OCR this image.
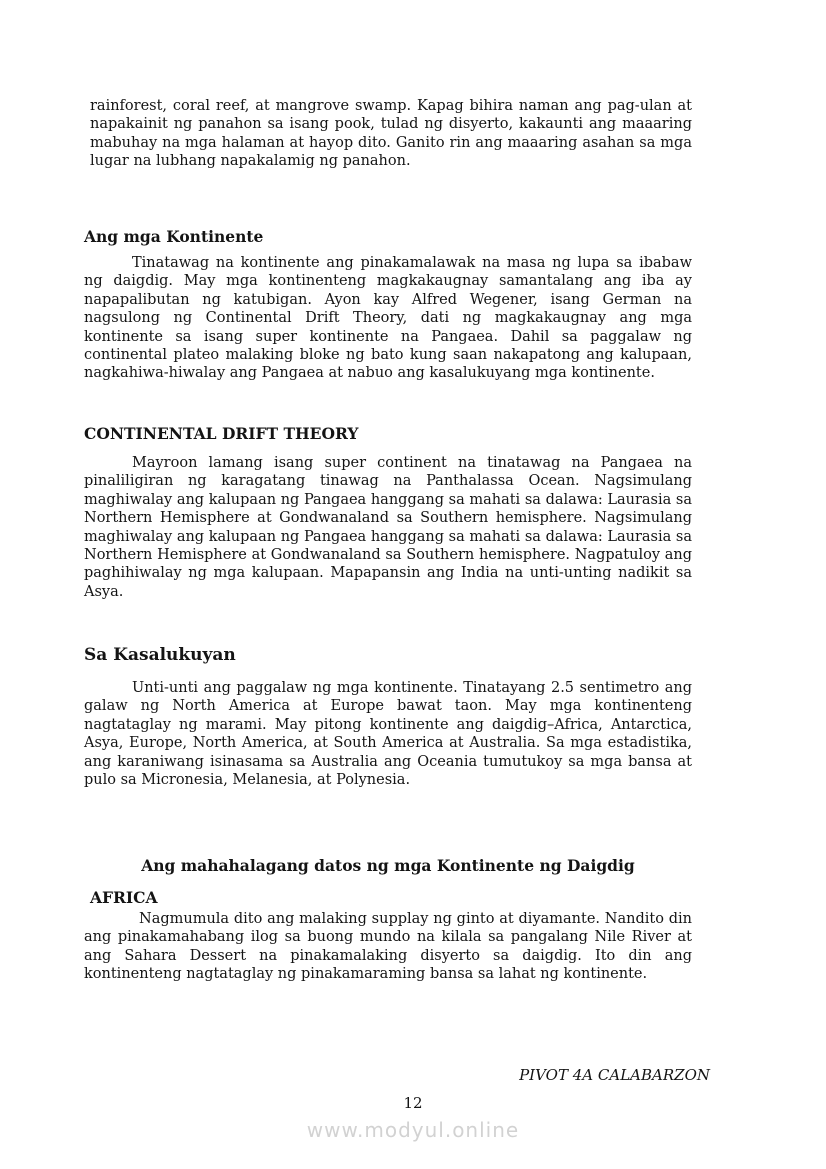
rainforest, coral reef, at mangrove swamp. Kapag bihira naman ang pag-ulan at napakainit ng panahon sa isang pook, tulad ng disyerto, kakaunti ang maaaring mabuhay na mga halaman at hayop dito. Ganito rin ang maaaring asahan sa mga lugar na lubhang napakalamig ng panahon.

Ang mga Kontinente

Tinatawag na kontinente ang pinakamalawak na masa ng lupa sa ibabaw ng daigdig. May mga kontinenteng magkakaugnay samantalang ang iba ay napapalibutan ng katubigan. Ayon kay Alfred Wegener, isang German na nagsulong ng Continental Drift Theory, dati ng magkakaugnay ang mga kontinente sa isang super kontinente na Pangaea. Dahil sa paggalaw ng continental plateo malaking bloke ng bato kung saan nakapatong ang kalupaan, nagkahiwa-hiwalay ang Pangaea at nabuo ang kasalukuyang mga kontinente.

CONTINENTAL DRIFT THEORY

Mayroon lamang isang super continent na tinatawag na Pangaea na pinaliligiran ng karagatang tinawag na Panthalassa Ocean. Nagsimulang maghiwalay ang kalupaan ng Pangaea hanggang sa mahati sa dalawa: Laurasia sa Northern Hemisphere at Gondwanaland sa Southern hemisphere. Nagsimulang maghiwalay ang kalupaan ng Pangaea hanggang sa mahati sa dalawa: Laurasia sa Northern Hemisphere at Gondwanaland sa Southern hemisphere. Nagpatuloy ang paghihiwalay ng mga kalupaan. Mapapansin ang India na unti-unting nadikit sa Asya.

Sa Kasalukuyan

Unti-unti ang paggalaw ng mga kontinente. Tinatayang 2.5 sentimetro ang galaw ng North America at Europe bawat taon. May mga kontinenteng nagtataglay ng marami. May pitong kontinente ang daigdig–Africa, Antarctica, Asya, Europe, North America, at South America at Australia. Sa mga estadistika, ang karaniwang isinasama sa Australia ang Oceania tumutukoy sa mga bansa at pulo sa Micronesia, Melanesia, at Polynesia.

Ang mahahalagang datos ng mga Kontinente ng Daigdig
AFRICA

Nagmumula dito ang malaking supplay ng ginto at diyamante. Nandito din ang pinakamahabang ilog sa buong mundo na kilala sa pangalang Nile River at ang Sahara Dessert na pinakamalaking disyerto sa daigdig. Ito din ang kontinenteng nagtataglay ng pinakamaraming bansa sa lahat ng kontinente.

PIVOT 4A CALABARZON
12
www.modyul.online
